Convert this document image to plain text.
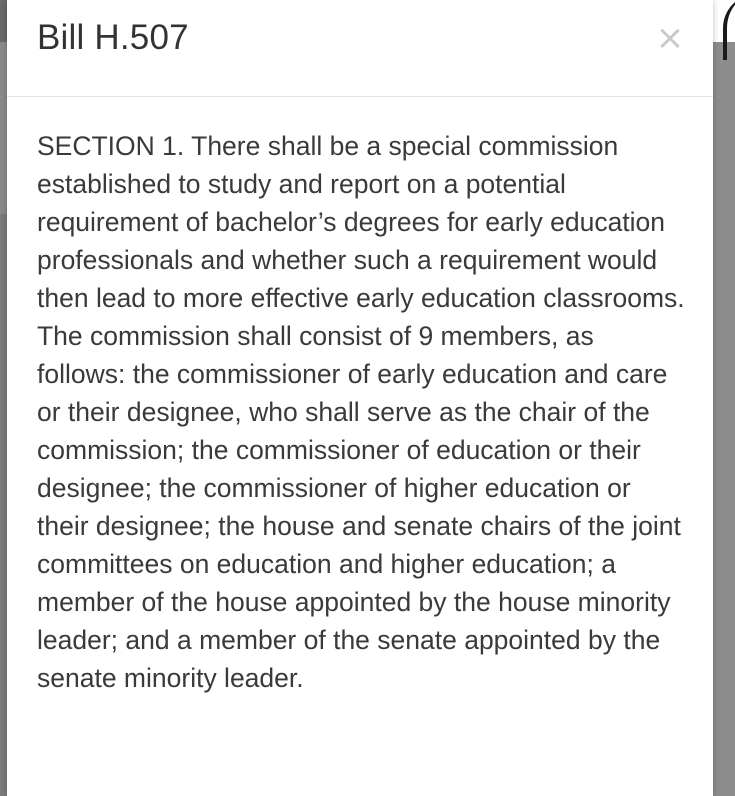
Bill H.507	×

SECTION 1. There shall be a special commission established to study and report on a potential requirement of bachelor’s degrees for early education professionals and whether such a requirement would then lead to more effective early education classrooms. The commission shall consist of 9 members, as follows: the commissioner of early education and care or their designee, who shall serve as the chair of the commission; the commissioner of education or their designee; the commissioner of higher education or their designee; the house and senate chairs of the joint committees on education and higher education; a member of the house appointed by the house minority leader; and a member of the senate appointed by the senate minority leader.
